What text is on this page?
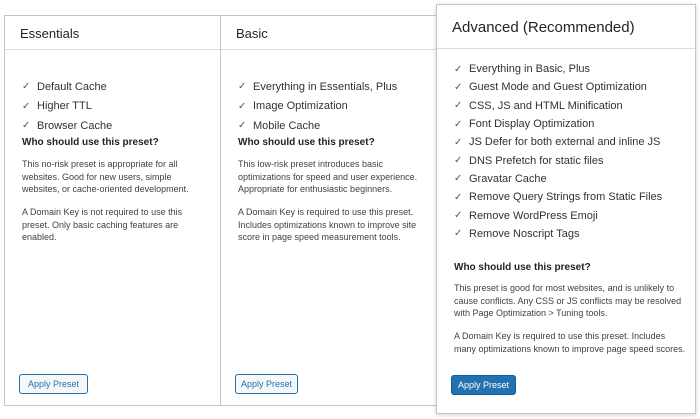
Essentials
✓ Default Cache
✓ Higher TTL
✓ Browser Cache

Who should use this preset?

This no-risk preset is appropriate for all websites. Good for new users, simple websites, or cache-oriented development.

A Domain Key is not required to use this preset. Only basic caching features are enabled.

Apply Preset
Basic
✓ Everything in Essentials, Plus
✓ Image Optimization
✓ Mobile Cache

Who should use this preset?

This low-risk preset introduces basic optimizations for speed and user experience. Appropriate for enthusiastic beginners.

A Domain Key is required to use this preset. Includes optimizations known to improve site score in page speed measurement tools.

Apply Preset
Advanced (Recommended)
✓ Everything in Basic, Plus
✓ Guest Mode and Guest Optimization
✓ CSS, JS and HTML Minification
✓ Font Display Optimization
✓ JS Defer for both external and inline JS
✓ DNS Prefetch for static files
✓ Gravatar Cache
✓ Remove Query Strings from Static Files
✓ Remove WordPress Emoji
✓ Remove Noscript Tags

Who should use this preset?

This preset is good for most websites, and is unlikely to cause conflicts. Any CSS or JS conflicts may be resolved with Page Optimization > Tuning tools.

A Domain Key is required to use this preset. Includes many optimizations known to improve page speed scores.

Apply Preset
